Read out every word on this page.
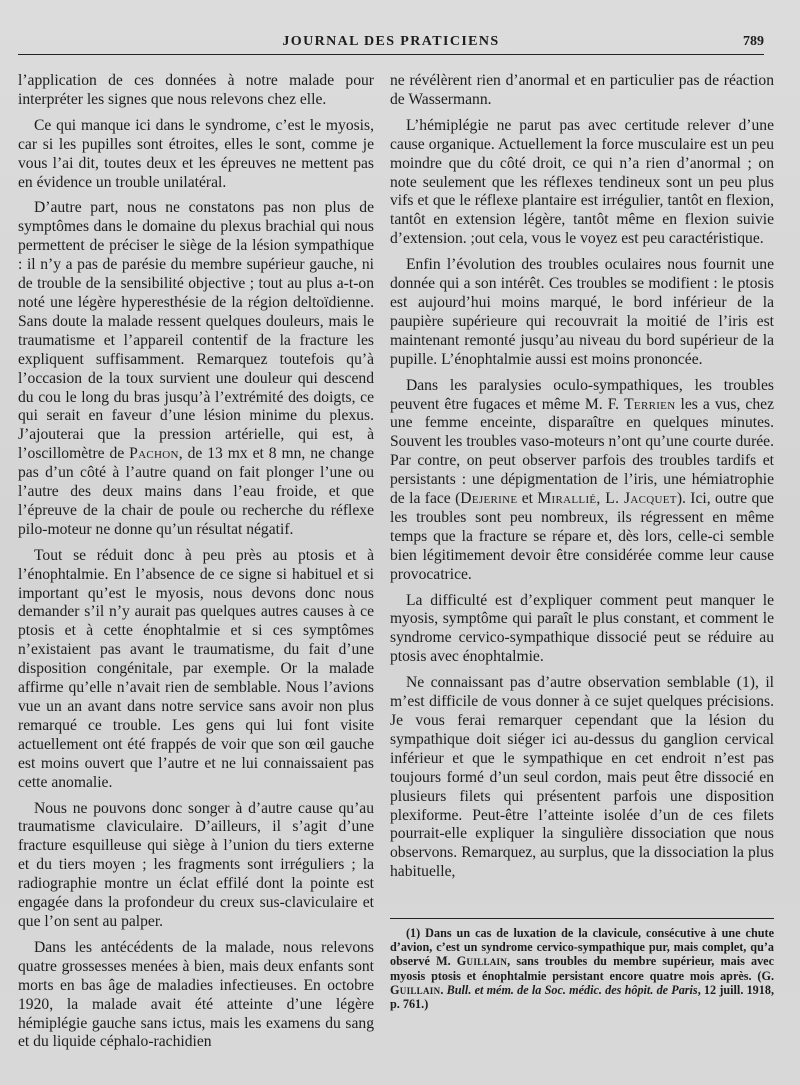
JOURNAL DES PRATICIENS	789

l’application de ces données à notre malade pour interpréter les signes que nous relevons chez elle.

Ce qui manque ici dans le syndrome, c’est le myosis, car si les pupilles sont étroites, elles le sont, comme je vous l’ai dit, toutes deux et les épreuves ne mettent pas en évidence un trouble unilatéral.

D’autre part, nous ne constatons pas non plus de symptômes dans le domaine du plexus brachial qui nous permettent de préciser le siège de la lésion sympathique : il n’y a pas de parésie du membre supérieur gauche, ni de trouble de la sensibilité objective ; tout au plus a-t-on noté une légère hyperesthésie de la région deltoïdienne. Sans doute la malade ressent quelques douleurs, mais le traumatisme et l’appareil contentif de la fracture les expliquent suffisamment. Remarquez toutefois qu’à l’occasion de la toux survient une douleur qui descend du cou le long du bras jusqu’à l’extrémité des doigts, ce qui serait en faveur d’une lésion minime du plexus. J’ajouterai que la pression artérielle, qui est, à l’oscillomètre de Pachon, de 13 mx et 8 mn, ne change pas d’un côté à l’autre quand on fait plonger l’une ou l’autre des deux mains dans l’eau froide, et que l’épreuve de la chair de poule ou recherche du réflexe pilo-moteur ne donne qu’un résultat négatif.

Tout se réduit donc à peu près au ptosis et à l’énophtalmie. En l’absence de ce signe si habituel et si important qu’est le myosis, nous devons donc nous demander s’il n’y aurait pas quelques autres causes à ce ptosis et à cette énophtalmie et si ces symptômes n’existaient pas avant le traumatisme, du fait d’une disposition congénitale, par exemple. Or la malade affirme qu’elle n’avait rien de semblable. Nous l’avions vue un an avant dans notre service sans avoir non plus remarqué ce trouble. Les gens qui lui font visite actuellement ont été frappés de voir que son œil gauche est moins ouvert que l’autre et ne lui connaissaient pas cette anomalie.

Nous ne pouvons donc songer à d’autre cause qu’au traumatisme claviculaire. D’ailleurs, il s’agit d’une fracture esquilleuse qui siège à l’union du tiers externe et du tiers moyen ; les fragments sont irréguliers ; la radiographie montre un éclat effilé dont la pointe est engagée dans la profondeur du creux sus-claviculaire et que l’on sent au palper.

Dans les antécédents de la malade, nous relevons quatre grossesses menées à bien, mais deux enfants sont morts en bas âge de maladies infectieuses. En octobre 1920, la malade avait été atteinte d’une légère hémiplégie gauche sans ictus, mais les examens du sang et du liquide céphalo-rachidien

ne révélèrent rien d’anormal et en particulier pas de réaction de Wassermann.

L’hémiplégie ne parut pas avec certitude relever d’une cause organique. Actuellement la force musculaire est un peu moindre que du côté droit, ce qui n’a rien d’anormal ; on note seulement que les réflexes tendineux sont un peu plus vifs et que le réflexe plantaire est irrégulier, tantôt en flexion, tantôt en extension légère, tantôt même en flexion suivie d’extension. ;out cela, vous le voyez est peu caractéristique.

Enfin l’évolution des troubles oculaires nous fournit une donnée qui a son intérêt. Ces troubles se modifient : le ptosis est aujourd’hui moins marqué, le bord inférieur de la paupière supérieure qui recouvrait la moitié de l’iris est maintenant remonté jusqu’au niveau du bord supérieur de la pupille. L’énophtalmie aussi est moins prononcée.

Dans les paralysies oculo-sympathiques, les troubles peuvent être fugaces et même M. F. Terrien les a vus, chez une femme enceinte, disparaître en quelques minutes. Souvent les troubles vaso-moteurs n’ont qu’une courte durée. Par contre, on peut observer parfois des troubles tardifs et persistants : une dépigmentation de l’iris, une hémiatrophie de la face (Dejerine et Mirallié, L. Jacquet). Ici, outre que les troubles sont peu nombreux, ils régressent en même temps que la fracture se répare et, dès lors, celle-ci semble bien légitimement devoir être considérée comme leur cause provocatrice.

La difficulté est d’expliquer comment peut manquer le myosis, symptôme qui paraît le plus constant, et comment le syndrome cervico-sympathique dissocié peut se réduire au ptosis avec énophtalmie.

Ne connaissant pas d’autre observation semblable (1), il m’est difficile de vous donner à ce sujet quelques précisions. Je vous ferai remarquer cependant que la lésion du sympathique doit siéger ici au-dessus du ganglion cervical inférieur et que le sympathique en cet endroit n’est pas toujours formé d’un seul cordon, mais peut être dissocié en plusieurs filets qui présentent parfois une disposition plexiforme. Peut-être l’atteinte isolée d’un de ces filets pourrait-elle expliquer la singulière dissociation que nous observons. Remarquez, au surplus, que la dissociation la plus habituelle,

(1) Dans un cas de luxation de la clavicule, consécutive à une chute d’avion, c’est un syndrome cervico-sympathique pur, mais complet, qu’a observé M. Guillain, sans troubles du membre supérieur, mais avec myosis ptosis et énophtalmie persistant encore quatre mois après. (G. Guillain. Bull. et mém. de la Soc. médic. des hôpit. de Paris, 12 juill. 1918, p. 761.)
